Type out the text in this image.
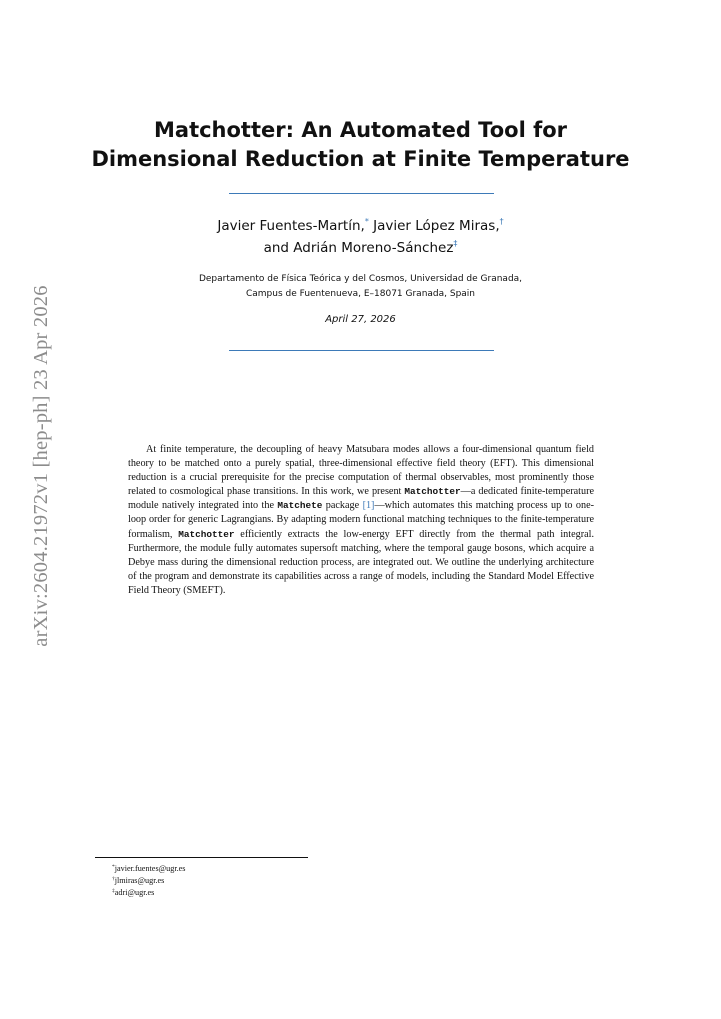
arXiv:2604.21972v1 [hep-ph] 23 Apr 2026
Matchotter: An Automated Tool for
Dimensional Reduction at Finite Temperature
Javier Fuentes-Martín,* Javier López Miras,†
and Adrián Moreno-Sánchez‡
Departamento de Física Teórica y del Cosmos, Universidad de Granada,
Campus de Fuentenueva, E–18071 Granada, Spain
April 27, 2026

At finite temperature, the decoupling of heavy Matsubara modes allows a four-dimensional quantum field theory to be matched onto a purely spatial, three-dimensional effective field theory (EFT). This dimensional reduction is a crucial prerequisite for the precise computation of thermal observables, most prominently those related to cosmological phase transitions. In this work, we present Matchotter—a dedicated finite-temperature module natively integrated into the Matchete package [1]—which automates this matching process up to one-loop order for generic Lagrangians. By adapting modern functional matching techniques to the finite-temperature formalism, Matchotter efficiently extracts the low-energy EFT directly from the thermal path integral. Furthermore, the module fully automates supersoft matching, where the temporal gauge bosons, which acquire a Debye mass during the dimensional reduction process, are integrated out. We outline the underlying architecture of the program and demonstrate its capabilities across a range of models, including the Standard Model Effective Field Theory (SMEFT).

*javier.fuentes@ugr.es
†jlmiras@ugr.es
‡adri@ugr.es
